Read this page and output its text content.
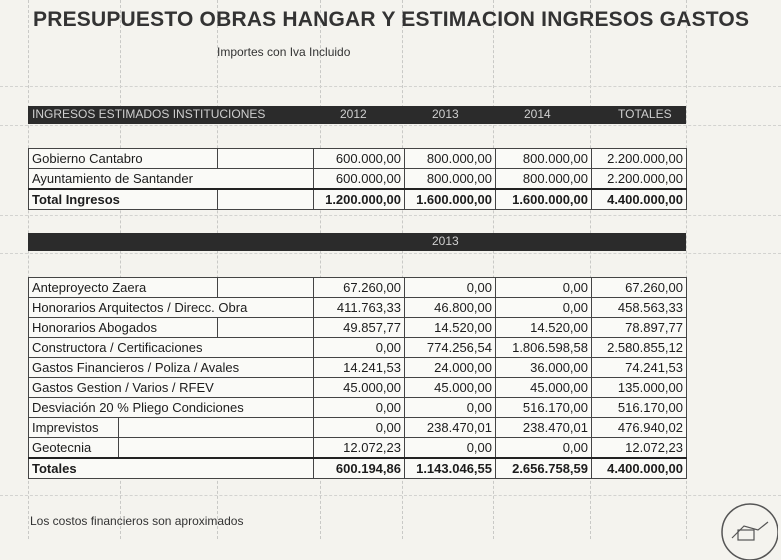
PRESUPUESTO OBRAS HANGAR Y ESTIMACION INGRESOS GASTOS
Importes con Iva Incluido
INGRESOS ESTIMADOS INSTITUCIONES	2012	2013	2014	TOTALES
Gobierno Cantabro		600.000,00	800.000,00	800.000,00	2.200.000,00
Ayuntamiento de Santander		600.000,00	800.000,00	800.000,00	2.200.000,00
Total Ingresos		1.200.000,00	1.600.000,00	1.600.000,00	4.400.000,00
2013
Anteproyecto Zaera			67.260,00	0,00	0,00	67.260,00
Honorarios Arquitectos / Direcc. Obra			411.763,33	46.800,00	0,00	458.563,33
Honorarios Abogados			49.857,77	14.520,00	14.520,00	78.897,77
Constructora / Certificaciones			0,00	774.256,54	1.806.598,58	2.580.855,12
Gastos Financieros / Poliza / Avales			14.241,53	24.000,00	36.000,00	74.241,53
Gastos Gestion / Varios / RFEV			45.000,00	45.000,00	45.000,00	135.000,00
Desviación 20 % Pliego Condiciones			0,00	0,00	516.170,00	516.170,00
Imprevistos			0,00	238.470,01	238.470,01	476.940,02
Geotecnia			12.072,23	0,00	0,00	12.072,23
Totales			600.194,86	1.143.046,55	2.656.758,59	4.400.000,00
Los costos financieros son aproximados
